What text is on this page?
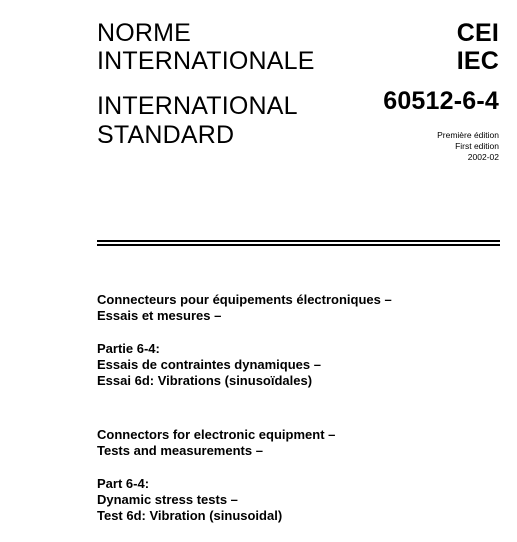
NORME
INTERNATIONALE
INTERNATIONAL
STANDARD
CEI
IEC
60512-6-4
Première édition
First edition
2002-02
Connecteurs pour équipements électroniques –
Essais et mesures –
Partie 6-4:
Essais de contraintes dynamiques –
Essai 6d: Vibrations (sinusoïdales)
Connectors for electronic equipment –
Tests and measurements –
Part 6-4:
Dynamic stress tests –
Test 6d: Vibration (sinusoidal)
